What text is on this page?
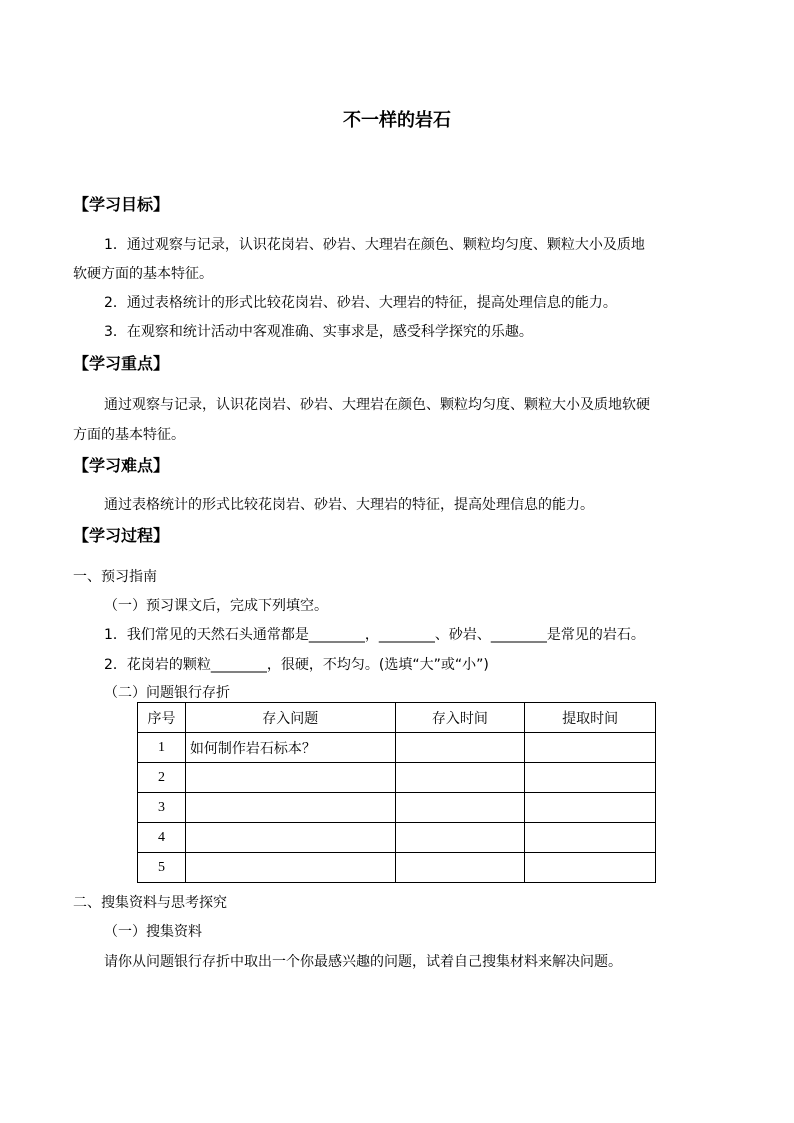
不一样的岩石
【学习目标】
1．通过观察与记录，认识花岗岩、砂岩、大理岩在颜色、颗粒均匀度、颗粒大小及质地
软硬方面的基本特征。
2．通过表格统计的形式比较花岗岩、砂岩、大理岩的特征，提高处理信息的能力。
3．在观察和统计活动中客观准确、实事求是，感受科学探究的乐趣。
【学习重点】
通过观察与记录，认识花岗岩、砂岩、大理岩在颜色、颗粒均匀度、颗粒大小及质地软硬
方面的基本特征。
【学习难点】
通过表格统计的形式比较花岗岩、砂岩、大理岩的特征，提高处理信息的能力。
【学习过程】
一、预习指南
（一）预习课文后，完成下列填空。
1．我们常见的天然石头通常都是________，________、砂岩、________是常见的岩石。
2．花岗岩的颗粒________，很硬，不均匀。(选填“大”或“小”)
（二）问题银行存折
序号	存入问题	存入时间	提取时间
1	如何制作岩石标本？		
2			
3			
4			
5			
二、搜集资料与思考探究
（一）搜集资料
请你从问题银行存折中取出一个你最感兴趣的问题，试着自己搜集材料来解决问题。
